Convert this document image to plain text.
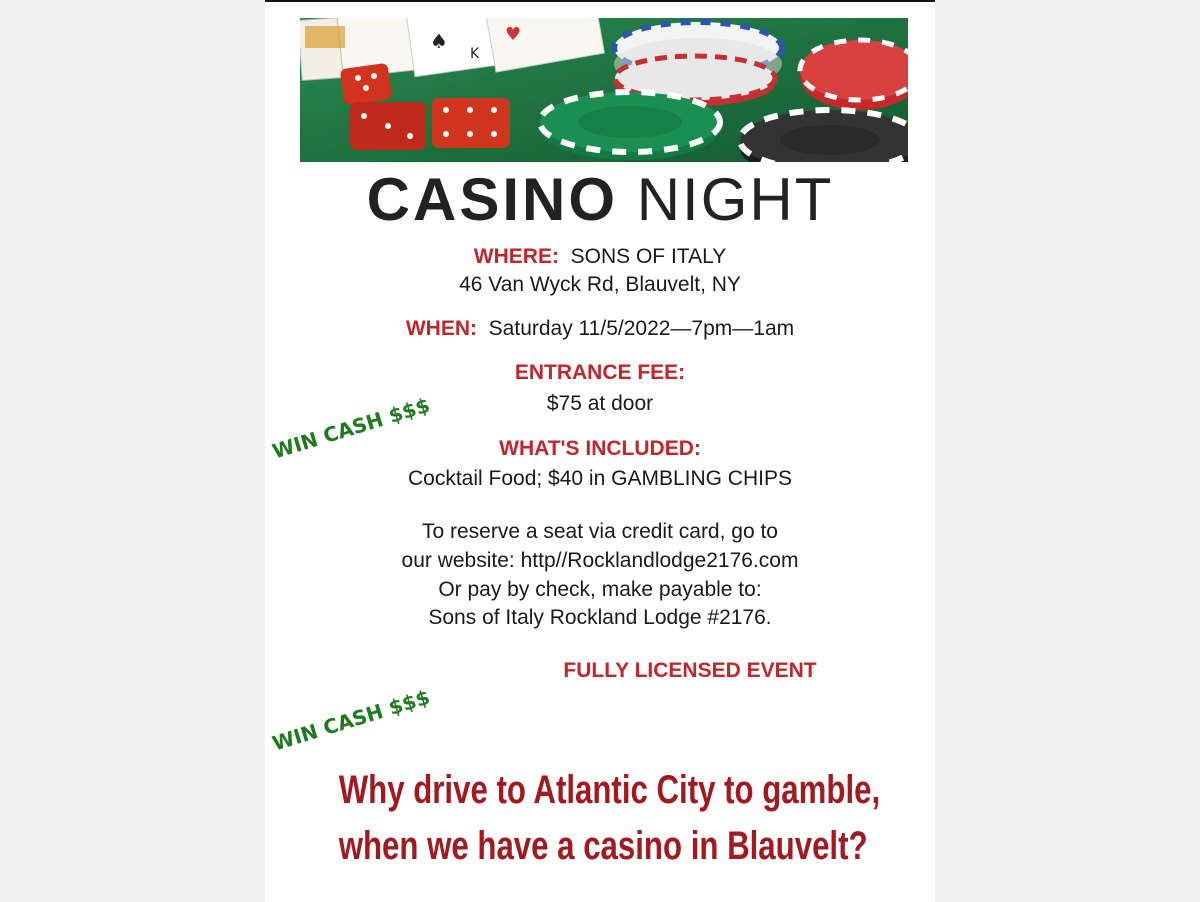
♠	♥
K
CASINO NIGHT
WHERE: SONS OF ITALY
46 Van Wyck Rd, Blauvelt, NY
WHEN: Saturday 11/5/2022—7pm—1am
ENTRANCE FEE:
$75 at door
WHAT'S INCLUDED:
Cocktail Food; $40 in GAMBLING CHIPS
To reserve a seat via credit card, go to
our website: http//Rocklandlodge2176.com
Or pay by check, make payable to:
Sons of Italy Rockland Lodge #2176.
FULLY LICENSED EVENT
WIN CASH $$$
WIN CASH $$$
Why drive to Atlantic City to gamble,
when we have a casino in Blauvelt?
